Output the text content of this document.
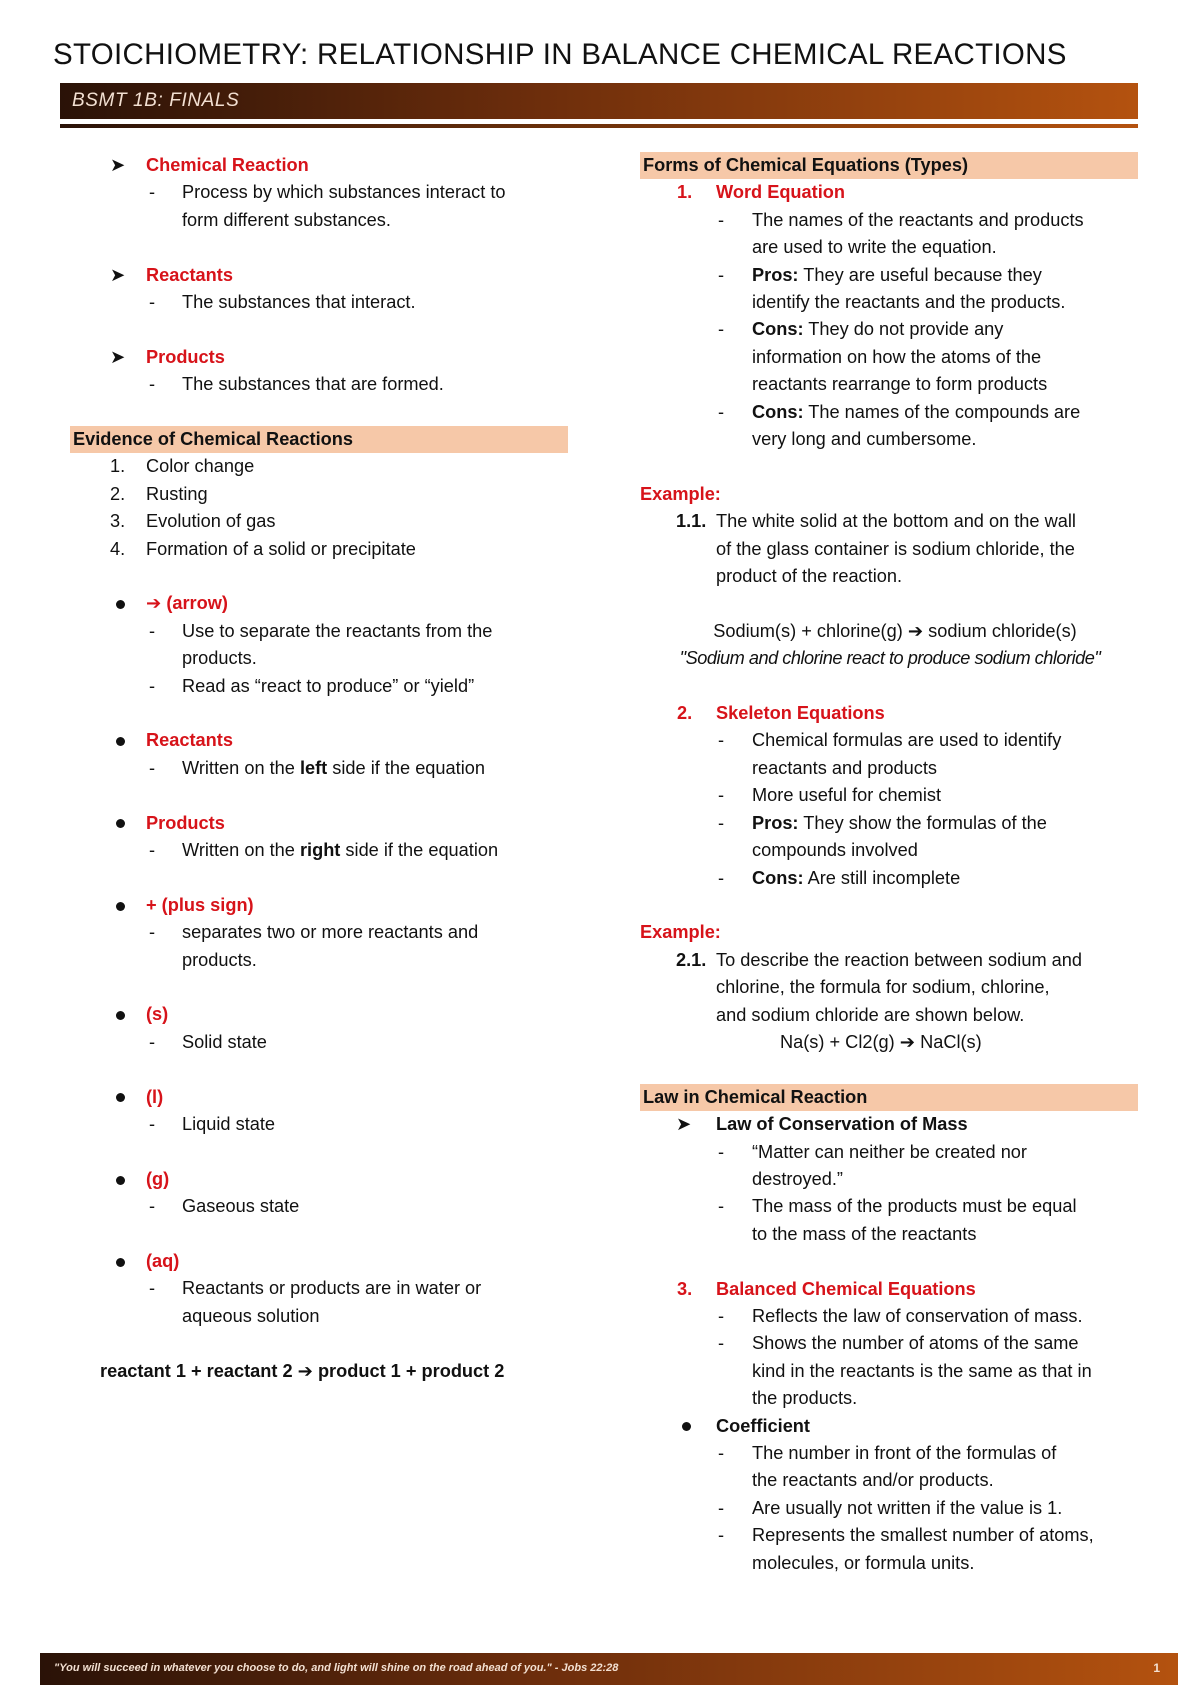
STOICHIOMETRY: RELATIONSHIP IN BALANCE CHEMICAL REACTIONS
BSMT 1B: FINALS
➤	Chemical Reaction
- Process by which substances interact to
form different substances.
➤	Reactants
- The substances that interact.
➤	Products
- The substances that are formed.
Evidence of Chemical Reactions
1. Color change
2. Rusting
3. Evolution of gas
4. Formation of a solid or precipitate
➔ (arrow)
- Use to separate the reactants from the
products.
- Read as “react to produce” or “yield”
Reactants
- Written on the left side if the equation
Products
- Written on the right side if the equation
+ (plus sign)
- separates two or more reactants and
products.
(s)
- Solid state
(l)
- Liquid state
(g)
- Gaseous state
(aq)
- Reactants or products are in water or
aqueous solution
reactant 1 + reactant 2 ➔ product 1 + product 2
Forms of Chemical Equations (Types)
1. Word Equation
- The names of the reactants and products
are used to write the equation.
- Pros: They are useful because they
identify the reactants and the products.
- Cons: They do not provide any
information on how the atoms of the
reactants rearrange to form products
- Cons: The names of the compounds are
very long and cumbersome.
Example:
1.1. The white solid at the bottom and on the wall
of the glass container is sodium chloride, the
product of the reaction.
Sodium(s) + chlorine(g) ➔ sodium chloride(s)
"Sodium and chlorine react to produce sodium chloride"
2. Skeleton Equations
- Chemical formulas are used to identify
reactants and products
- More useful for chemist
- Pros: They show the formulas of the
compounds involved
- Cons: Are still incomplete
Example:
2.1. To describe the reaction between sodium and
chlorine, the formula for sodium, chlorine,
and sodium chloride are shown below.
Na(s) + Cl2(g) ➔ NaCl(s)
Law in Chemical Reaction
➤ Law of Conservation of Mass
- “Matter can neither be created nor
destroyed.”
- The mass of the products must be equal
to the mass of the reactants
3. Balanced Chemical Equations
- Reflects the law of conservation of mass.
- Shows the number of atoms of the same
kind in the reactants is the same as that in
the products.
Coefficient
- The number in front of the formulas of
the reactants and/or products.
- Are usually not written if the value is 1.
- Represents the smallest number of atoms,
molecules, or formula units.
"You will succeed in whatever you choose to do, and light will shine on the road ahead of you." - Jobs 22:28	1
